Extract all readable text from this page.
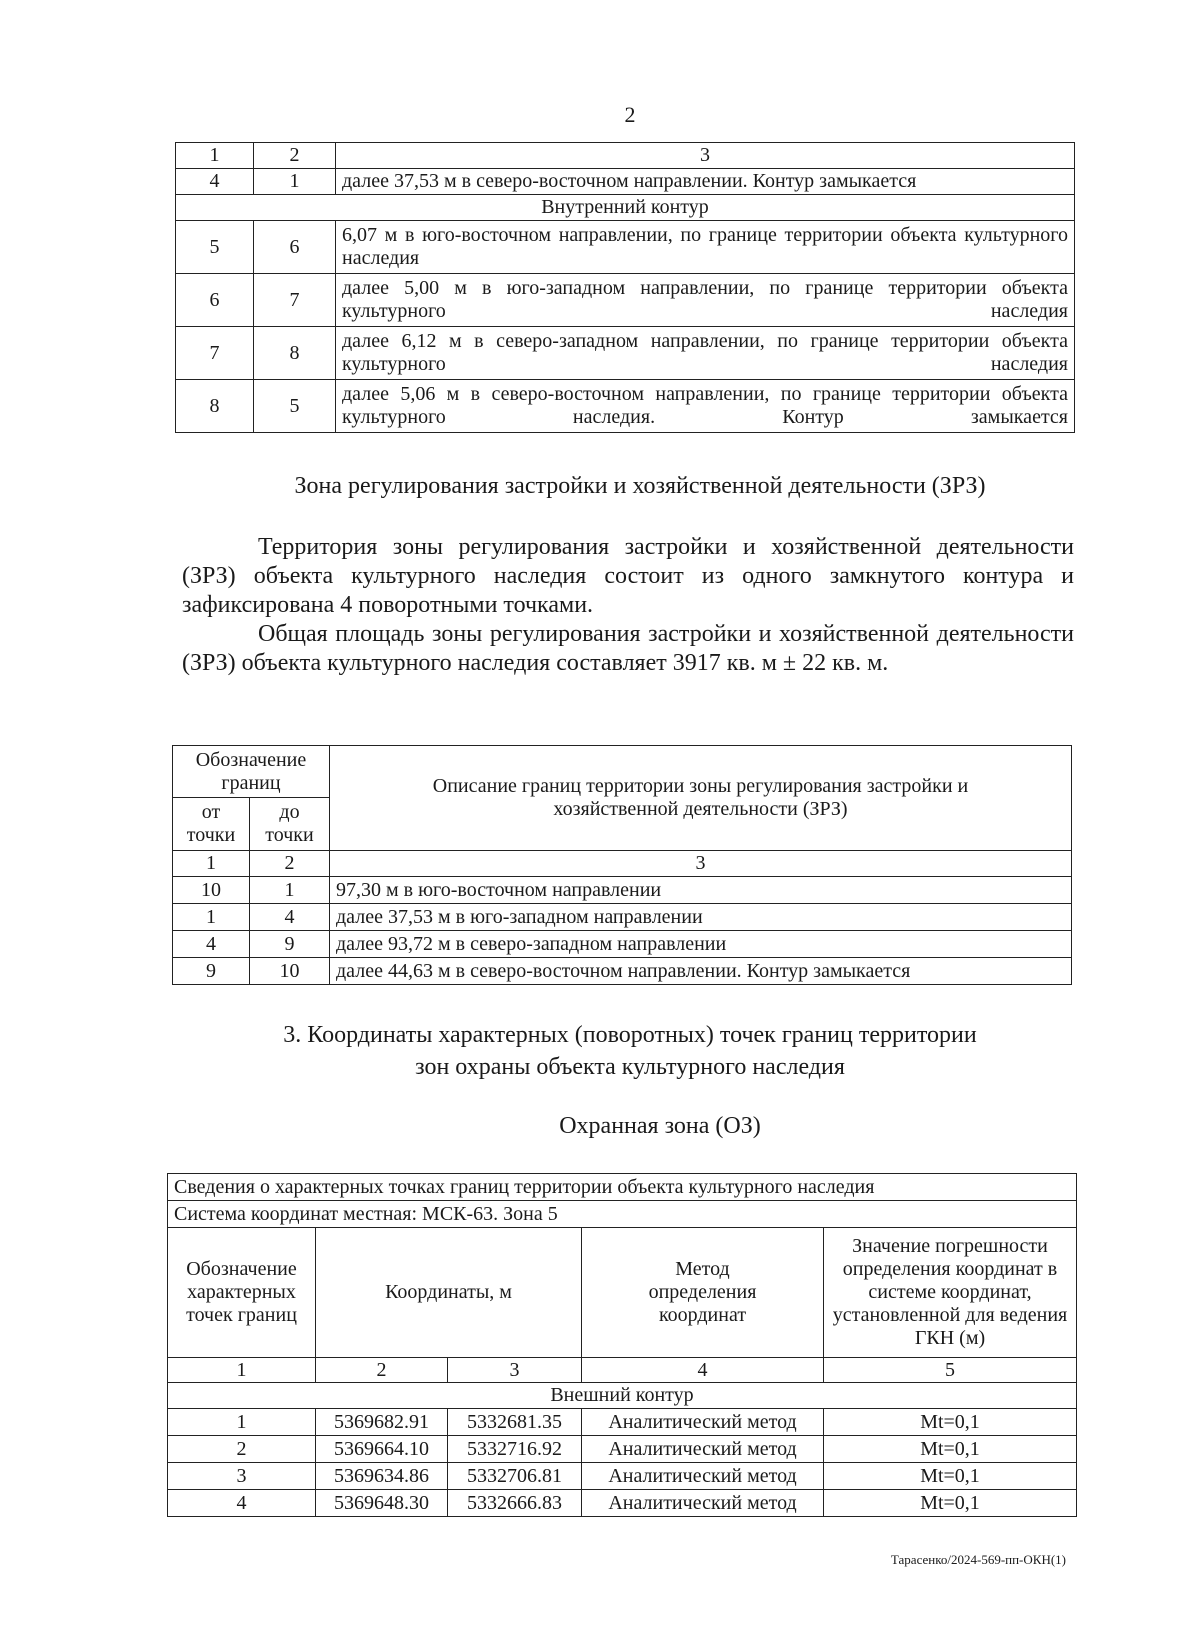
2
1	2	3
4	1	далее 37,53 м в северо-восточном направлении. Контур замыкается
Внутренний контур		
5	6	6,07 м в юго-восточном направлении, по границе территории объекта культурного наследия
6	7	далее 5,00 м в юго-западном направлении, по границе территории объекта культурного наследия
7	8	далее 6,12 м в северо-западном направлении, по границе территории объекта культурного наследия
8	5	далее 5,06 м в северо-восточном направлении, по границе территории объекта культурного наследия. Контур замыкается
Зона регулирования застройки и хозяйственной деятельности (ЗРЗ)

Территория зоны регулирования застройки и хозяйственной деятельности (ЗРЗ) объекта культурного наследия состоит из одного замкнутого контура и зафиксирована 4 поворотными точками.

Общая площадь зоны регулирования застройки и хозяйственной деятельности (ЗРЗ) объекта культурного наследия составляет 3917 кв. м ± 22 кв. м.

Обозначение границ		Описание границ территории зоны регулирования застройки и хозяйственной деятельности (ЗРЗ)
от точки	до точки	
1	2	3
10	1	97,30 м в юго-восточном направлении
1	4	далее 37,53 м в юго-западном направлении
4	9	далее 93,72 м в северо-западном направлении
9	10	далее 44,63 м в северо-восточном направлении. Контур замыкается
3. Координаты характерных (поворотных) точек границ территории
зон охраны объекта культурного наследия
Охранная зона (ОЗ)
Сведения о характерных точках границ территории объекта культурного наследия				
Система координат местная: МСК-63. Зона 5				
Обозначение характерных точек границ	Координаты, м		Метод определения координат	Значение погрешности определения координат в системе координат, установленной для ведения ГКН (м)
1	2	3	4	5
Внешний контур				
1	5369682.91	5332681.35	Аналитический метод	Mt=0,1
2	5369664.10	5332716.92	Аналитический метод	Mt=0,1
3	5369634.86	5332706.81	Аналитический метод	Mt=0,1
4	5369648.30	5332666.83	Аналитический метод	Mt=0,1
Тарасенко/2024-569-пп-ОКН(1)
